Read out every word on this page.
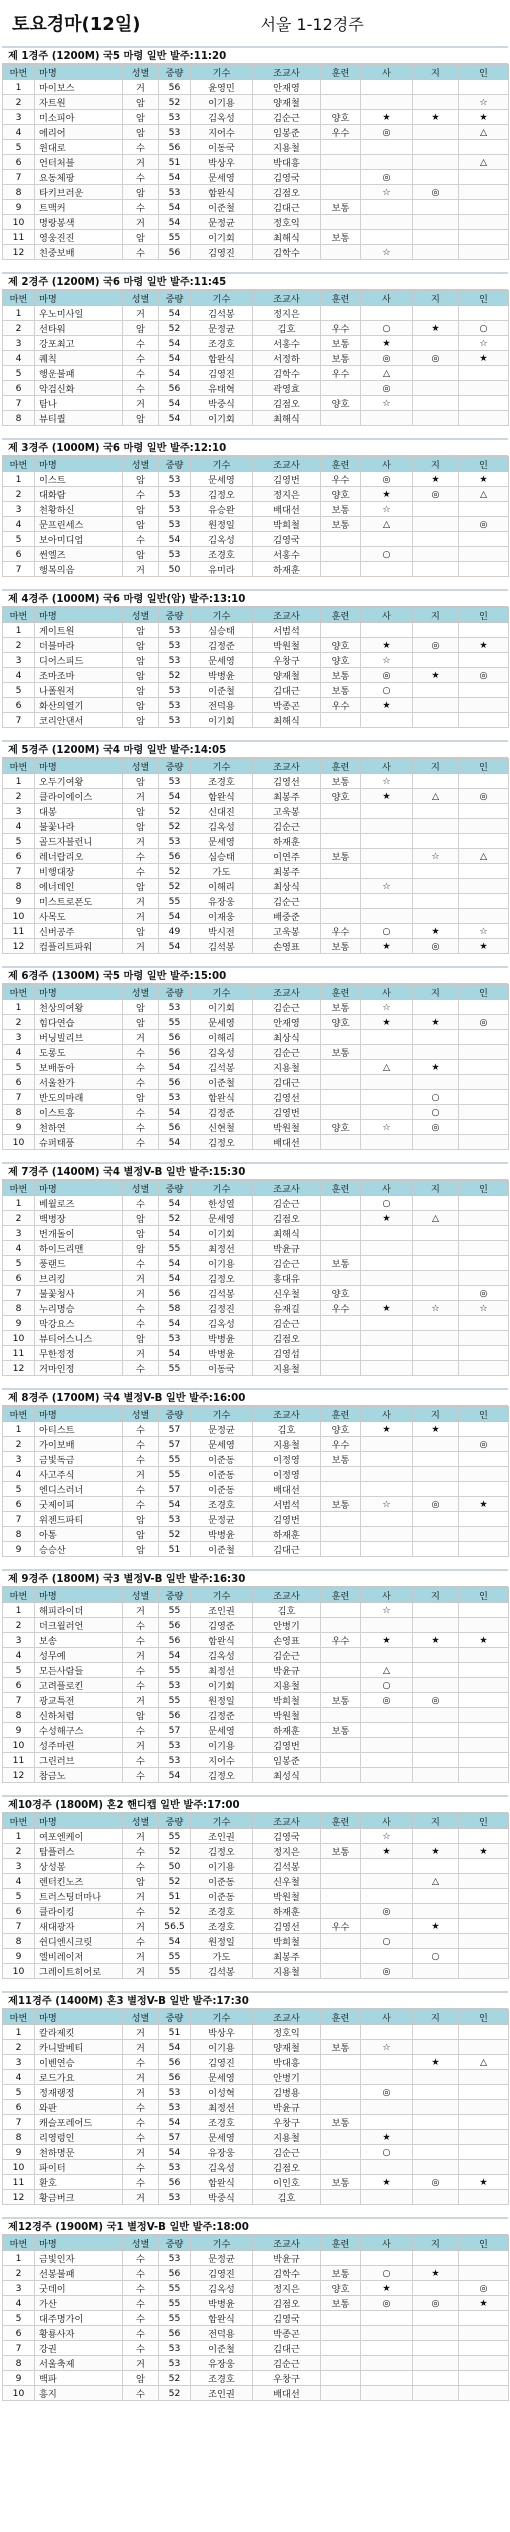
토요경마(12일)	서울 1-12경주
제 1경주 (1200M) 국5 마령 일반 발주:11:20
마번	마명	성별	중량	기수	조교사	훈련	사	지	인
1	마이보스	거	56	윤영민	안재영				
2	자트원	암	52	이기용	양재철				☆
3	미소피아	암	53	김옥성	김순근	양호	★	★	★
4	에리어	암	53	지어수	임봉준	우수	◎		△
5	윈대로	수	56	이동국	지용철				
6	언터처블	거	51	박상우	박대흥				△
7	요동체팡	수	54	문세영	김영국		◎		
8	타키브러운	암	53	함완식	김점오		☆	◎	
9	트맥커	수	54	이준철	김대근	보통			
10	명랑봉색	거	54	문정균	정호익				
11	영웅진진	암	55	이기회	최해식	보통			
12	친중보배	수	56	김영진	김학수		☆		
제 2경주 (1200M) 국6 마령 일반 발주:11:45
마번	마명	성별	중량	기수	조교사	훈련	사	지	인
1	우노미사일	거	54	김석봉	정지은				
2	선타워	암	52	문정균	김호	우수	○	★	○
3	강포최고	수	54	조경호	서홍수	보통	★		☆
4	퀘칙	수	54	함완식	서정하	보통	◎	◎	★
5	행운불패	수	54	김영진	김학수	우수	△		
6	악검신화	수	56	유태혁	곽영효		◎		
7	탐나	거	54	박중식	김점오	양호	☆		
8	뷰티퀄	암	54	이기회	최해식				
제 3경주 (1000M) 국6 마령 일반 발주:12:10
마번	마명	성별	중량	기수	조교사	훈련	사	지	인
1	이스트	암	53	문세영	김영번	우수	◎	★	★
2	대화람	수	53	김정오	정지은	양호	★	◎	△
3	천황하신	암	53	유승완	배대선	보통	☆		
4	문프린세스	암	53	원정일	박희철	보통	△		◎
5	보아미디엄	수	54	김옥성	김영국				
6	썬엘즈	암	53	조경호	서홍수		○		
7	행복의음	거	50	유미라	하재훈				
제 4경주 (1000M) 국6 마령 일반(암) 발주:13:10
마번	마명	성별	중량	기수	조교사	훈련	사	지	인
1	게이트원	암	53	심승태	서범석				
2	더블마라	암	53	김정준	박원철	양호	★	◎	★
3	디어스피드	암	53	문세영	우창구	양호	☆		
4	조마조마	암	52	박병윤	양재철	보통	◎	★	◎
5	나폴원저	암	53	이준철	김대근	보통	○		
6	화산의열기	암	53	전덕용	박종곤	우수	★		
7	코리안댄서	암	53	이기회	최해식				
제 5경주 (1200M) 국4 마령 일반 발주:14:05
마번	마명	성별	중량	기수	조교사	훈련	사	지	인
1	오두기여왕	암	53	조경호	김영선	보통	☆		
2	클라이에이스	거	54	함완식	최봉주	양호	★	△	◎
3	대봉	암	52	신대진	고욱봉				
4	불꽃나라	암	52	김옥성	김순근				
5	골드자블런니	거	53	문세영	하재훈				
6	레너랍리오	수	56	심승태	이연주	보통		☆	△
7	비행대장	수	52	가도	최봉주				
8	에너데인	암	52	이해리	최상식		☆		
9	미스트로폰도	거	55	유장웅	김순근				
10	사목도	거	54	이재웅	배중준				
11	신버공주	암	49	박시전	고욱봉	우수	○	★	☆
12	컴플리트파워	거	54	김석봉	손영표	보통	★	◎	★
제 6경주 (1300M) 국5 마령 일반 발주:15:00
마번	마명	성별	중량	기수	조교사	훈련	사	지	인
1	천상의여왕	암	53	이기회	김순근	보통	☆		
2	힘다연습	암	55	문세영	안재영	양호	★	★	◎
3	버닝빌리브	거	56	이해리	최상식				
4	도롱도	수	56	김옥성	김순근	보통			
5	보배동아	수	54	김석봉	지용철		△	★	
6	서울찬가	수	56	이준철	김대근				
7	반도의마래	암	53	함완식	김영선			○	
8	이스트흥	수	54	김정준	김영번			○	
9	천하연	수	56	신현철	박원철	양호	☆	◎	
10	슈퍼태풍	수	54	김정오	배대선				
제 7경주 (1400M) 국4 별정V-B 일반 발주:15:30
마번	마명	성별	중량	기수	조교사	훈련	사	지	인
1	베월로즈	수	54	한성열	김순근		○		
2	백병장	암	52	문세영	김점오		★	△	
3	번개돌이	암	54	이기회	최해식				
4	하이드리맨	암	55	최정선	박윤규				
5	풍랜드	수	54	이기용	김순근	보통			
6	브리킹	거	54	김정오	홍대유				
7	불꽃청사	거	56	김석봉	신우철	양호			◎
8	누리명승	수	58	김정진	유재길	우수	★	☆	☆
9	막강요스	수	54	김옥성	김순근				
10	뷰티어스니스	암	53	박병윤	김점오				
11	무한정정	거	54	박병윤	김영섭				
12	거마인정	수	55	이동국	지용철				
제 8경주 (1700M) 국4 별정V-B 일반 발주:16:00
마번	마명	성별	중량	기수	조교사	훈련	사	지	인
1	아티스트	수	57	문정균	김호	양호	★	★	
2	가이보배	수	57	문세영	지용철	우수			◎
3	금빛독금	수	55	이준동	이정영	보통			
4	사고주식	거	55	이준동	이정영				
5	엔디스러너	수	57	이준동	배대선				
6	굿제이피	수	54	조경호	서범석	보통	☆	◎	★
7	위젠드파티	암	53	문정균	김영번				
8	아통	암	52	박병윤	하재훈				
9	승승산	암	51	이준철	김대근				
제 9경주 (1800M) 국3 별정V-B 일반 발주:16:30
마번	마명	성별	중량	기수	조교사	훈련	사	지	인
1	해피라이더	거	55	조인권	김호		☆		
2	더크월러언	수	56	김영준	안병기				
3	보송	수	56	함완식	손영표	우수	★	★	★
4	성무예	거	54	김옥성	김순근				
5	모든사람들	수	55	최정선	박윤규		△		
6	고려플로킨	수	53	이기회	지용철		○		
7	광교특전	거	55	원정일	박희철	보통	◎	◎	
8	신하처럼	암	56	김정준	박원철				
9	수성해구스	수	57	문세영	하재훈	보통			
10	성주마린	거	53	이기용	김영번				
11	그린러브	수	53	지어수	임봉준				
12	참금노	수	54	김정오	최성식				
제10경주 (1800M) 혼2 핸디캡 일반 발주:17:00
마번	마명	성별	중량	기수	조교사	훈련	사	지	인
1	여포엔케이	거	55	조인권	김영국		☆		
2	탑플러스	수	52	김정오	정지은	보통	★	★	★
3	상성봉	수	50	이기용	김석봉				
4	렌터킨노즈	암	52	이준동	신우철			△	
5	트러스팅더마나	거	51	이준동	박원철				
6	클라이킹	수	52	조경호	하재훈		◎		
7	새대광자	거	56.5	조경호	김영선	우수		★	
8	쉰디엔시크릿	수	54	원정일	박희철		○		
9	엘비레이저	거	55	가도	최봉주			○	
10	그레이트히어로	거	55	김석봉	지용철		◎		
제11경주 (1400M) 혼3 별정V-B 일반 발주:17:30
마번	마명	성별	중량	기수	조교사	훈련	사	지	인
1	칼라제킷	거	51	박상우	정호익				
2	카니발베티	거	54	이기용	양재철	보통	☆		
3	이벤연승	수	56	김영진	박대흥			★	△
4	로드가요	거	56	문세영	안병기				
5	정재랭정	거	53	이성혁	김병용		◎		
6	와판	수	53	최정선	박윤규				
7	캐슬포레어드	수	54	조경호	우창구	보통			
8	리영렁인	수	57	문세영	지용철		★		
9	천하명문	거	54	유장웅	김순근		○		
10	파이터	수	53	김옥성	김점오				
11	환호	수	56	함완식	이인호	보통	★	◎	★
12	황금버크	거	53	박중식	김호				
제12경주 (1900M) 국1 별정V-B 일반 발주:18:00
마번	마명	성별	중량	기수	조교사	훈련	사	지	인
1	금빛인자	수	53	문정균	박윤규				
2	선봉불패	수	56	김영진	김학수	보통	○	★	
3	굿데이	수	55	김옥성	정지은	양호	★		◎
4	가산	수	55	박병윤	김점오	보통	◎	◎	★
5	대주명가이	수	55	함완식	김영국				
6	황룡사자	수	56	전덕용	박종곤				
7	강권	수	53	이준철	김대근				
8	서울축제	거	53	유장웅	김순근				
9	백파	암	52	조경호	우창구				
10	흥지	수	52	조인권	배대선				
